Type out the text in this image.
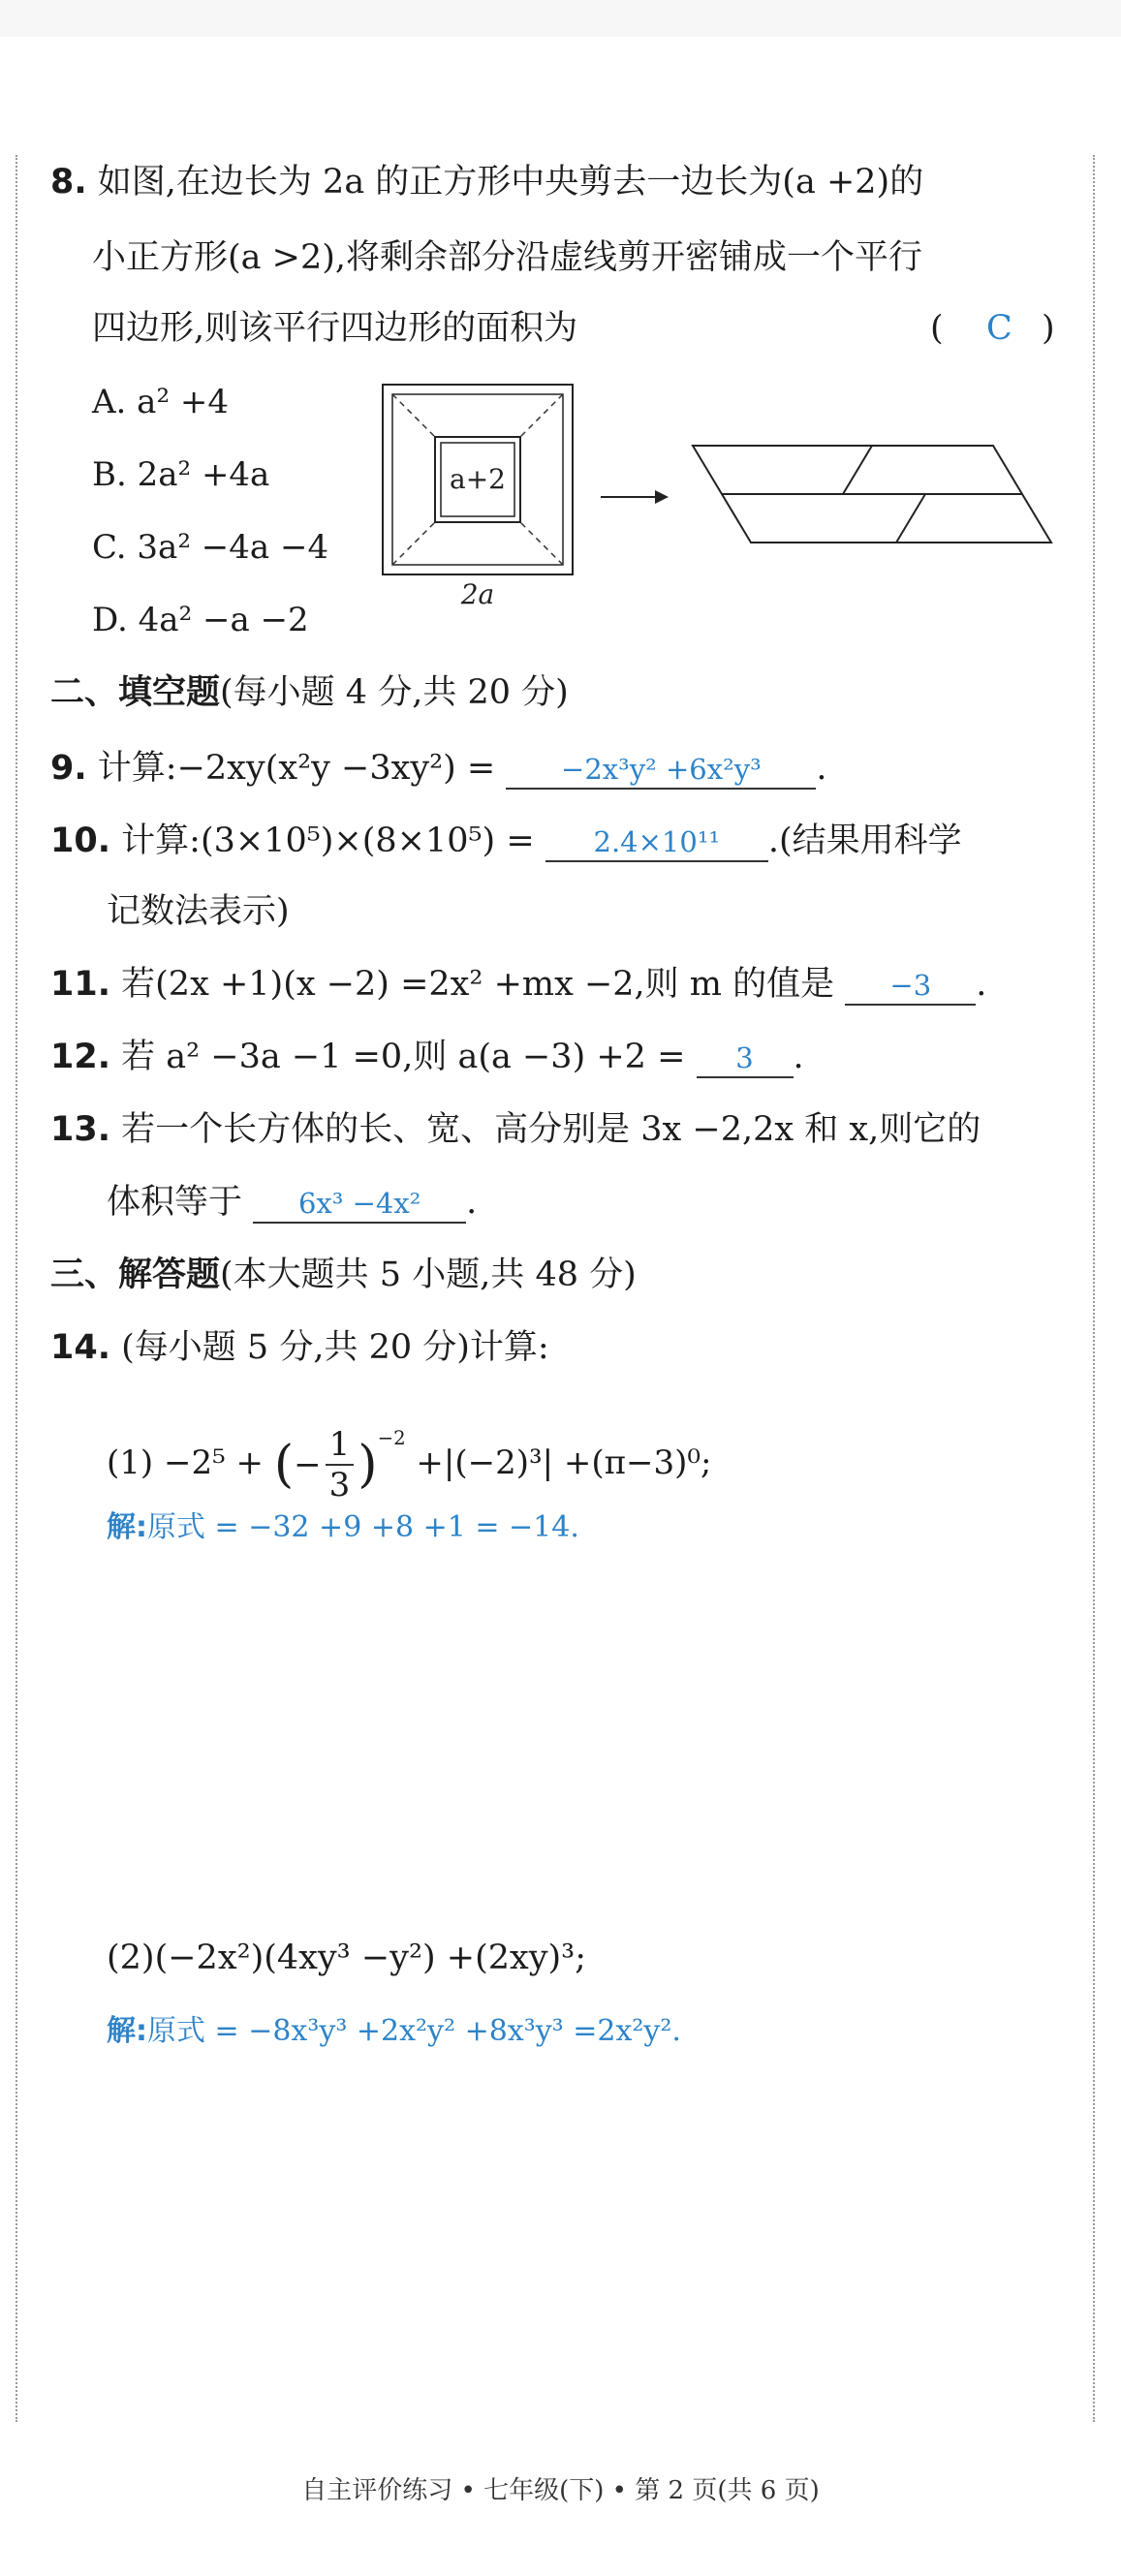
8. 如图,在边长为 2a 的正方形中央剪去一边长为(a +2)的
小正方形(a >2),将剩余部分沿虚线剪开密铺成一个平行
四边形,则该平行四边形的面积为	( C )
A. a² +4
B. 2a² +4a
C. 3a² −4a −4
D. 4a² −a −2
a+2
2a
二、填空题(每小题 4 分,共 20 分)
9. 计算:−2xy(x²y −3xy²) = −2x³y² +6x²y³ .
10. 计算:(3×10⁵)×(8×10⁵) = 2.4×10¹¹ .(结果用科学
记数法表示)
11. 若(2x +1)(x −2) =2x² +mx −2,则 m 的值是 −3 .
12. 若 a² −3a −1 =0,则 a(a −3) +2 = 3 .
13. 若一个长方体的长、宽、高分别是 3x −2,2x 和 x,则它的
体积等于 6x³ −4x² .
三、解答题(本大题共 5 小题,共 48 分)
14. (每小题 5 分,共 20 分)计算:
(1) −2⁵ + (− $\frac{1}{3} )^{-2} +|(-2)^3| +(\pi-3)^0$;
解:原式 = −32 +9 +8 +1 = −14.
(2)(−2x²)(4xy³ −y²) +(2xy)³;
解:原式 = −8x³y³ +2x²y² +8x³y³ =2x²y².
自主评价练习 • 七年级(下) • 第 2 页(共 6 页)
